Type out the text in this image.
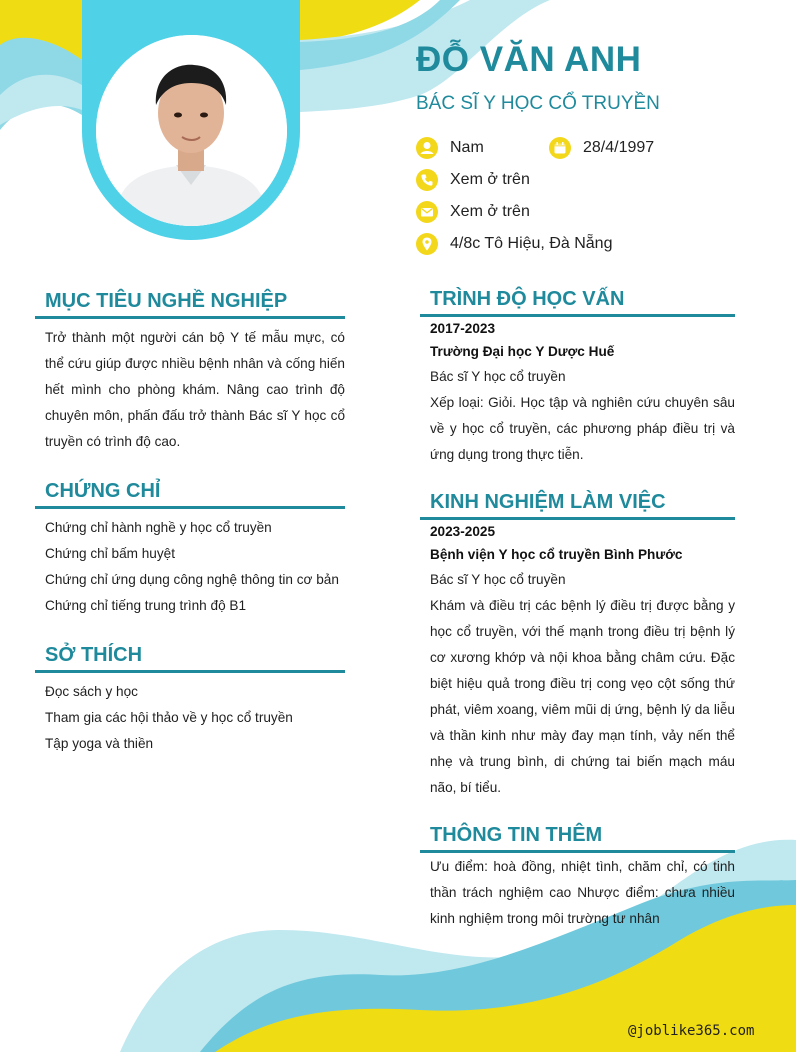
ĐỖ VĂN ANH
BÁC SĨ Y HỌC CỔ TRUYỀN
Nam	28/4/1997
Xem ở trên
Xem ở trên
4/8c Tô Hiệu, Đà Nẵng
MỤC TIÊU NGHỀ NGHIỆP
Trở thành một người cán bộ Y tế mẫu mực, có thể cứu giúp được nhiều bệnh nhân và cống hiến hết mình cho phòng khám. Nâng cao trình độ chuyên môn, phấn đấu trở thành Bác sĩ Y học cổ truyền có trình độ cao.
CHỨNG CHỈ
Chứng chỉ hành nghề y học cổ truyền
Chứng chỉ bấm huyệt
Chứng chỉ ứng dụng công nghệ thông tin cơ bản
Chứng chỉ tiếng trung trình độ B1
SỞ THÍCH
Đọc sách y học
Tham gia các hội thảo về y học cổ truyền
Tập yoga và thiền
TRÌNH ĐỘ HỌC VẤN
2017-2023
Trường Đại học Y Dược Huế
Bác sĩ Y học cổ truyền
Xếp loại: Giỏi. Học tập và nghiên cứu chuyên sâu về y học cổ truyền, các phương pháp điều trị và ứng dụng trong thực tiễn.
KINH NGHIỆM LÀM VIỆC
2023-2025
Bệnh viện Y học cổ truyền Bình Phước
Bác sĩ Y học cổ truyền
Khám và điều trị các bệnh lý điều trị được bằng y học cổ truyền, với thế mạnh trong điều trị bệnh lý cơ xương khớp và nội khoa bằng châm cứu. Đặc biệt hiệu quả trong điều trị cong vẹo cột sống thứ phát, viêm xoang, viêm mũi dị ứng, bệnh lý da liễu và thần kinh như mày đay mạn tính, vảy nến thể nhẹ và trung bình, di chứng tai biến mạch máu não, bí tiểu.
THÔNG TIN THÊM
Ưu điểm: hoà đồng, nhiệt tình, chăm chỉ, có tinh thần trách nghiệm cao Nhược điểm: chưa nhiều kinh nghiệm trong môi trường tư nhân
@joblike365.com
